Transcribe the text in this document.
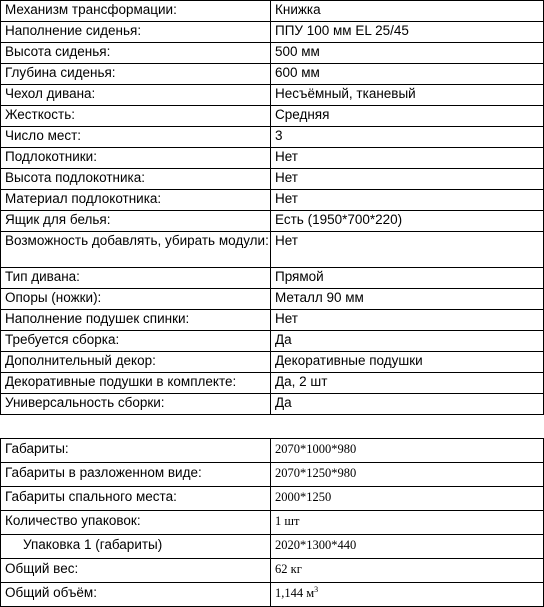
Механизм трансформации:	Книжка
Наполнение сиденья:	ППУ 100 мм EL 25/45
Высота сиденья:	500 мм
Глубина сиденья:	600 мм
Чехол дивана:	Несъёмный, тканевый
Жесткость:	Средняя
Число мест:	3
Подлокотники:	Нет
Высота подлокотника:	Нет
Материал подлокотника:	Нет
Ящик для белья:	Есть (1950*700*220)
Возможность добавлять, убирать модули:	Нет
Тип дивана:	Прямой
Опоры (ножки):	Металл 90 мм
Наполнение подушек спинки:	Нет
Требуется сборка:	Да
Дополнительный декор:	Декоративные подушки
Декоративные подушки в комплекте:	Да, 2 шт
Универсальность сборки:	Да
Габариты:	2070*1000*980
Габариты в разложенном виде:	2070*1250*980
Габариты спального места:	2000*1250
Количество упаковок:	1 шт
Упаковка 1 (габариты)	2020*1300*440
Общий вес:	62 кг
Общий объём:	1,144 $м^3$
